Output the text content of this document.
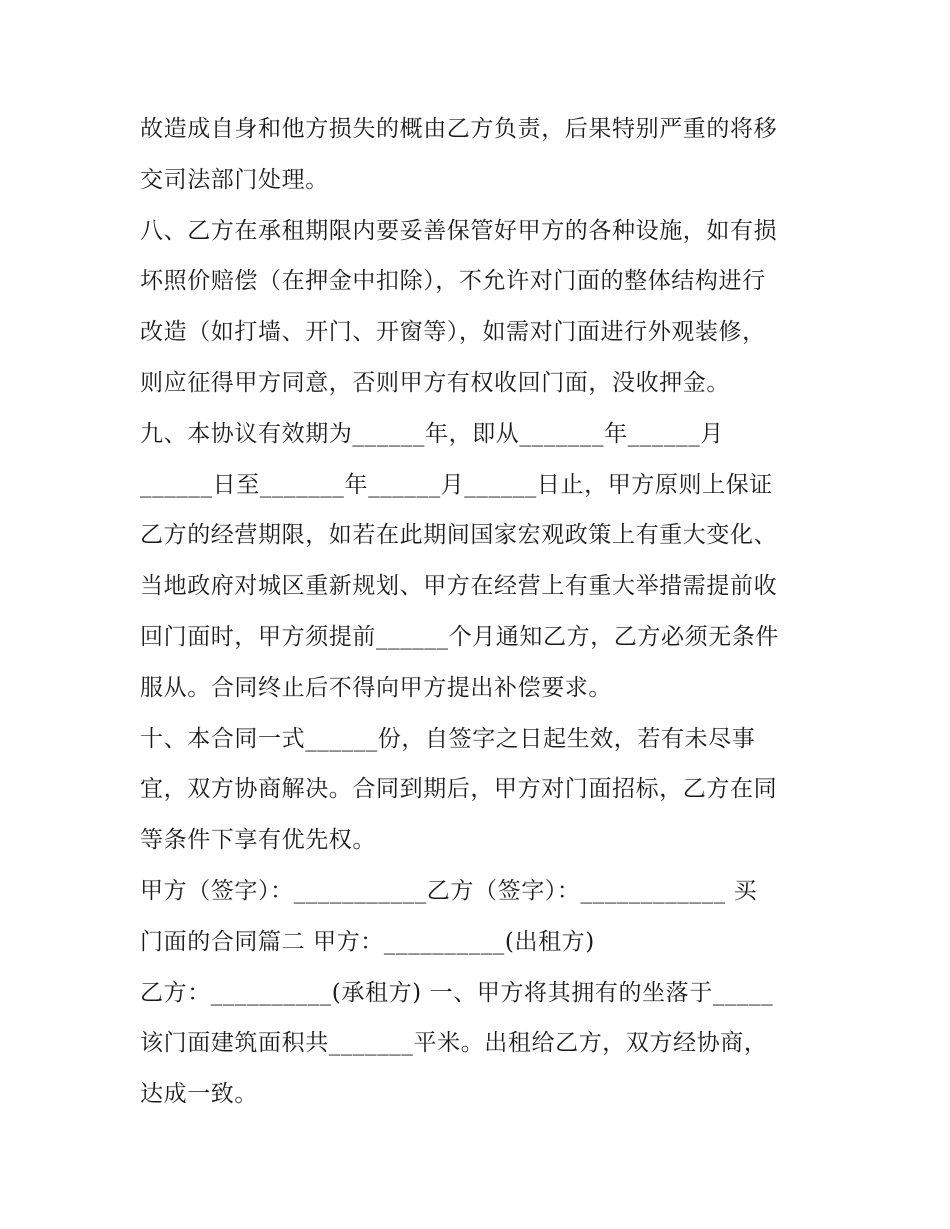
故造成自身和他方损失的概由乙方负责，后果特别严重的将移
交司法部门处理。
八、乙方在承租期限内要妥善保管好甲方的各种设施，如有损
坏照价赔偿（在押金中扣除），不允许对门面的整体结构进行
改造（如打墙、开门、开窗等），如需对门面进行外观装修，
则应征得甲方同意，否则甲方有权收回门面，没收押金。
九、本协议有效期为______年，即从_______年______月
______日至_______年______月______日止，甲方原则上保证
乙方的经营期限，如若在此期间国家宏观政策上有重大变化、
当地政府对城区重新规划、甲方在经营上有重大举措需提前收
回门面时，甲方须提前______个月通知乙方，乙方必须无条件
服从。合同终止后不得向甲方提出补偿要求。
十、本合同一式______份，自签字之日起生效，若有未尽事
宜，双方协商解决。合同到期后，甲方对门面招标，乙方在同
等条件下享有优先权。
甲方（签字）：___________乙方（签字）：____________ 买
门面的合同篇二 甲方：__________(出租方)
乙方：__________(承租方) 一、甲方将其拥有的坐落于_____
该门面建筑面积共_______平米。出租给乙方，双方经协商，
达成一致。
